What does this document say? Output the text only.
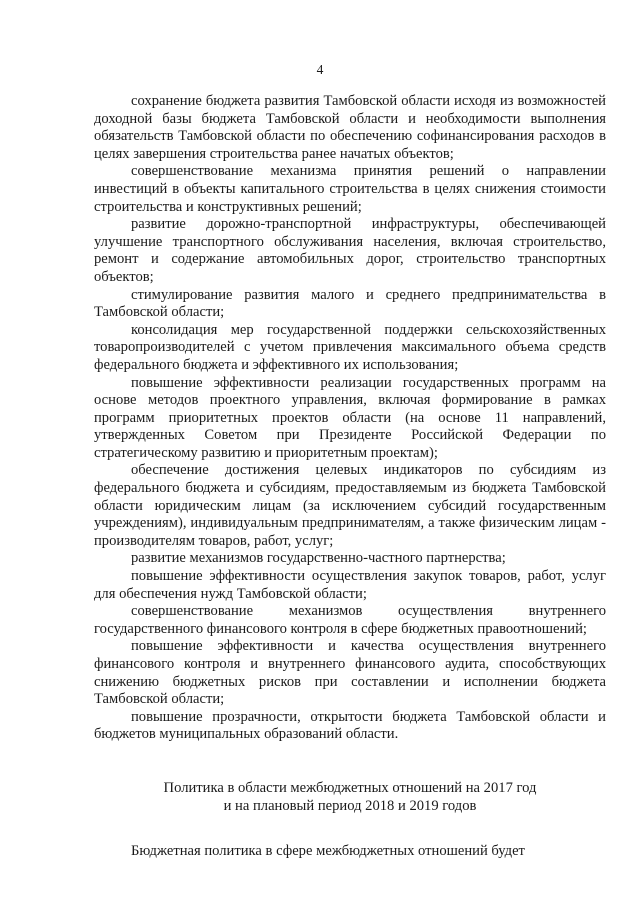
4

сохранение бюджета развития Тамбовской области исходя из возможностей доходной базы бюджета Тамбовской области и необходимости выполнения обязательств Тамбовской области по обеспечению софинансирования расходов в целях завершения строительства ранее начатых объектов;

совершенствование механизма принятия решений о направлении инвестиций в объекты капитального строительства в целях снижения стоимости строительства и конструктивных решений;

развитие дорожно-транспортной инфраструктуры, обеспечивающей улучшение транспортного обслуживания населения, включая строительство, ремонт и содержание автомобильных дорог, строительство транспортных объектов;

стимулирование развития малого и среднего предпринимательства в Тамбовской области;

консолидация мер государственной поддержки сельскохозяйственных товаропроизводителей с учетом привлечения максимального объема средств федерального бюджета и эффективного их использования;

повышение эффективности реализации государственных программ на основе методов проектного управления, включая формирование в рамках программ приоритетных проектов области (на основе 11 направлений, утвержденных Советом при Президенте Российской Федерации по стратегическому развитию и приоритетным проектам);

обеспечение достижения целевых индикаторов по субсидиям из федерального бюджета и субсидиям, предоставляемым из бюджета Тамбовской области юридическим лицам (за исключением субсидий государственным учреждениям), индивидуальным предпринимателям, а также физическим лицам - производителям товаров, работ, услуг;

развитие механизмов государственно-частного партнерства;

повышение эффективности осуществления закупок товаров, работ, услуг для обеспечения нужд Тамбовской области;

совершенствование механизмов осуществления внутреннего государственного финансового контроля в сфере бюджетных правоотношений;

повышение эффективности и качества осуществления внутреннего финансового контроля и внутреннего финансового аудита, способствующих снижению бюджетных рисков при составлении и исполнении бюджета Тамбовской области;

повышение прозрачности, открытости бюджета Тамбовской области и бюджетов муниципальных образований области.

Политика в области межбюджетных отношений на 2017 год
и на плановый период 2018 и 2019 годов

Бюджетная политика в сфере межбюджетных отношений будет
